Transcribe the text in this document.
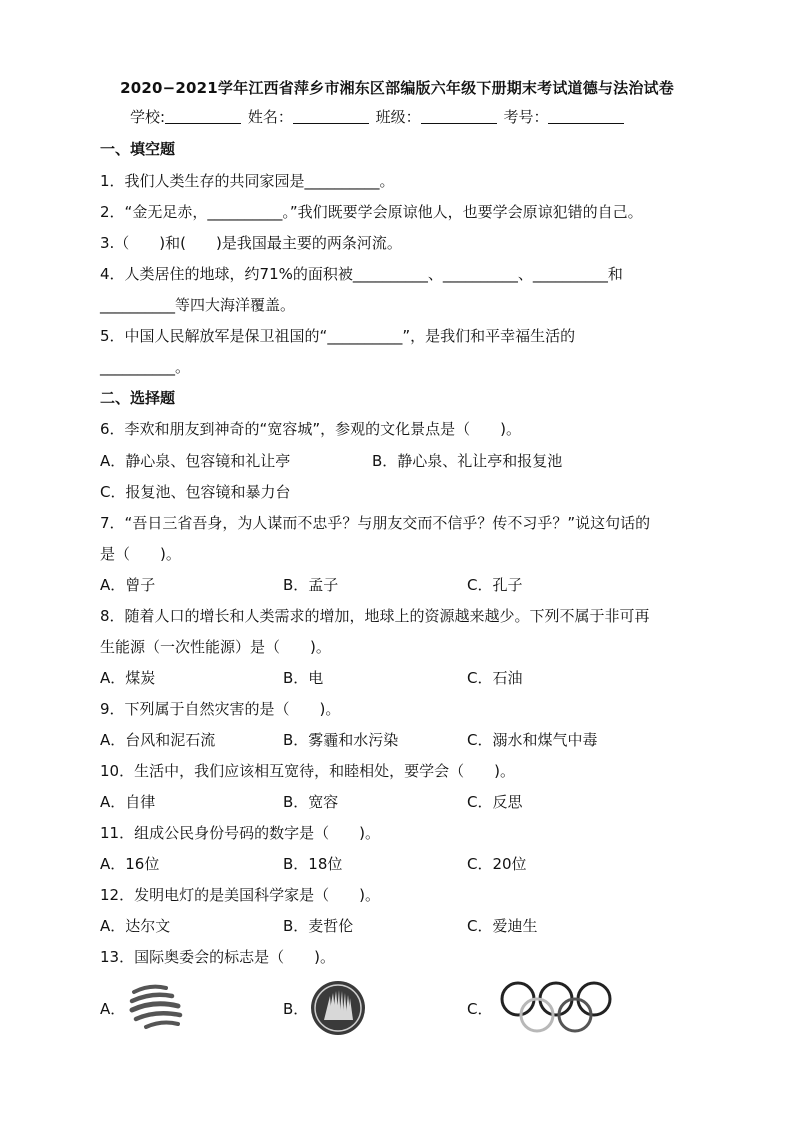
2020−2021学年江西省萍乡市湘东区部编版六年级下册期末考试道德与法治试卷
学校:	姓名：	班级：	考号：
一、填空题
1．我们人类生存的共同家园是__________。
2．“金无足赤，__________。”我们既要学会原谅他人，也要学会原谅犯错的自己。
3.（　　)和(　　)是我国最主要的两条河流。
4．人类居住的地球，约71%的面积被__________、__________、__________和
__________等四大海洋覆盖。
5．中国人民解放军是保卫祖国的“__________”，是我们和平幸福生活的
__________。
二、选择题
6．李欢和朋友到神奇的“宽容城”，参观的文化景点是（　　)。
A．静心泉、包容镜和礼让亭	B．静心泉、礼让亭和报复池
C．报复池、包容镜和暴力台
7．“吾日三省吾身，为人谋而不忠乎？与朋友交而不信乎？传不习乎？”说这句话的
是（　　)。
A．曾子	B．孟子	C．孔子
8．随着人口的增长和人类需求的增加，地球上的资源越来越少。下列不属于非可再
生能源（一次性能源）是（　　)。
A．煤炭	B．电	C．石油
9．下列属于自然灾害的是（　　)。
A．台风和泥石流	B．雾霾和水污染	C．溺水和煤气中毒
10．生活中，我们应该相互宽待，和睦相处，要学会（　　)。
A．自律	B．宽容	C．反思
11．组成公民身份号码的数字是（　　)。
A．16位	B．18位	C．20位
12．发明电灯的是美国科学家是（　　)。
A．达尔文	B．麦哲伦	C．爱迪生
13．国际奥委会的标志是（　　)。
A．	B．	C．
